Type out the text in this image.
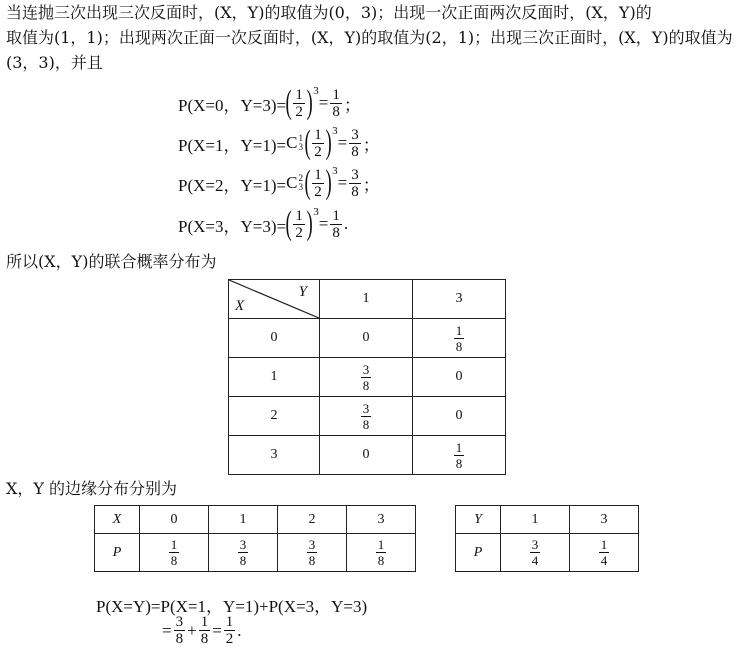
当连抛三次出现三次反面时，(X，Y)的取值为(0，3)；出现一次正面两次反面时，(X，Y)的
取值为(1，1)；出现两次正面一次反面时，(X，Y)的取值为(2，1)；出现三次正面时，(X，Y)的取值为
(3，3)，并且
P(X=0，Y=3)= ( $\frac{1}{2}$ ) 3
= $\frac{1}{8}$ ；
P(X=1，Y=1)= C 1
3 ( $\frac{1}{2}$ ) 3
= $\frac{3}{8}$ ；
P(X=2，Y=1)= C 2
3 ( $\frac{1}{2}$ ) 3
= $\frac{3}{8}$ ；
P(X=3，Y=3)= ( $\frac{1}{2}$ ) 3
= $\frac{1}{8}$ .
所以(X，Y)的联合概率分布为
Y
X	1	3
0	0	$\frac{1}{8}$

1	$\frac{3}{8}$	0
2	$\frac{3}{8}$	0
3	0	$\frac{1}{8}$
X，Y 的边缘分布分别为
X	0	1	2	3
P	$\frac{1}{8}$	$\frac{3}{8}$	$\frac{3}{8}$	$\frac{1}{8}$
Y	1	3
P	$\frac{3}{4}$	$\frac{1}{4}$
P(X=Y)=P(X=1，Y=1)+P(X=3，Y=3)
= $\frac{3}{8} + \frac{1}{8} = \frac{1}{2}$ .
